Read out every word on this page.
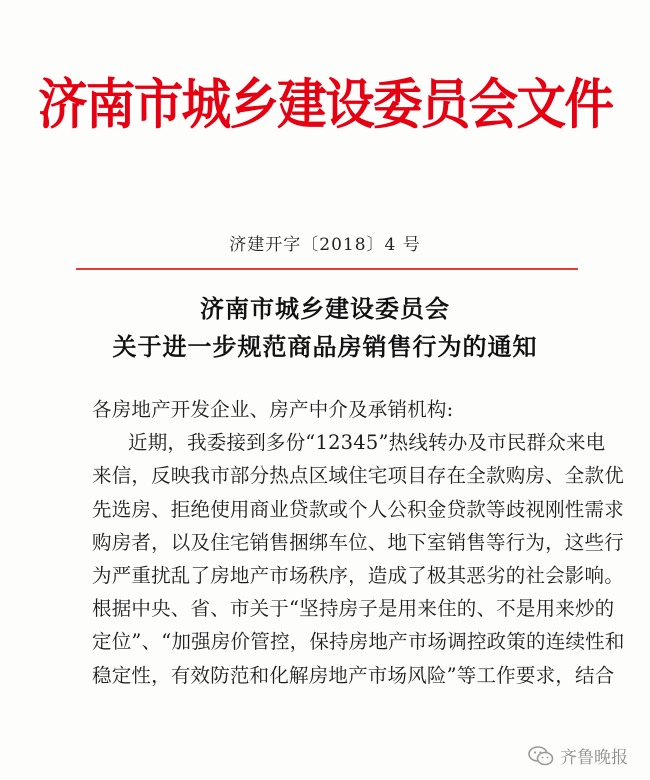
济南市城乡建设委员会文件
济建开字〔2018〕4 号
济南市城乡建设委员会
关于进一步规范商品房销售行为的通知
各房地产开发企业、房产中介及承销机构:
近期，我委接到多份“12345”热线转办及市民群众来电
来信，反映我市部分热点区域住宅项目存在全款购房、全款优
先选房、拒绝使用商业贷款或个人公积金贷款等歧视刚性需求
购房者，以及住宅销售捆绑车位、地下室销售等行为，这些行
为严重扰乱了房地产市场秩序，造成了极其恶劣的社会影响。
根据中央、省、市关于“坚持房子是用来住的、不是用来炒的
定位”、“加强房价管控，保持房地产市场调控政策的连续性和
稳定性，有效防范和化解房地产市场风险”等工作要求，结合
齐鲁晚报
